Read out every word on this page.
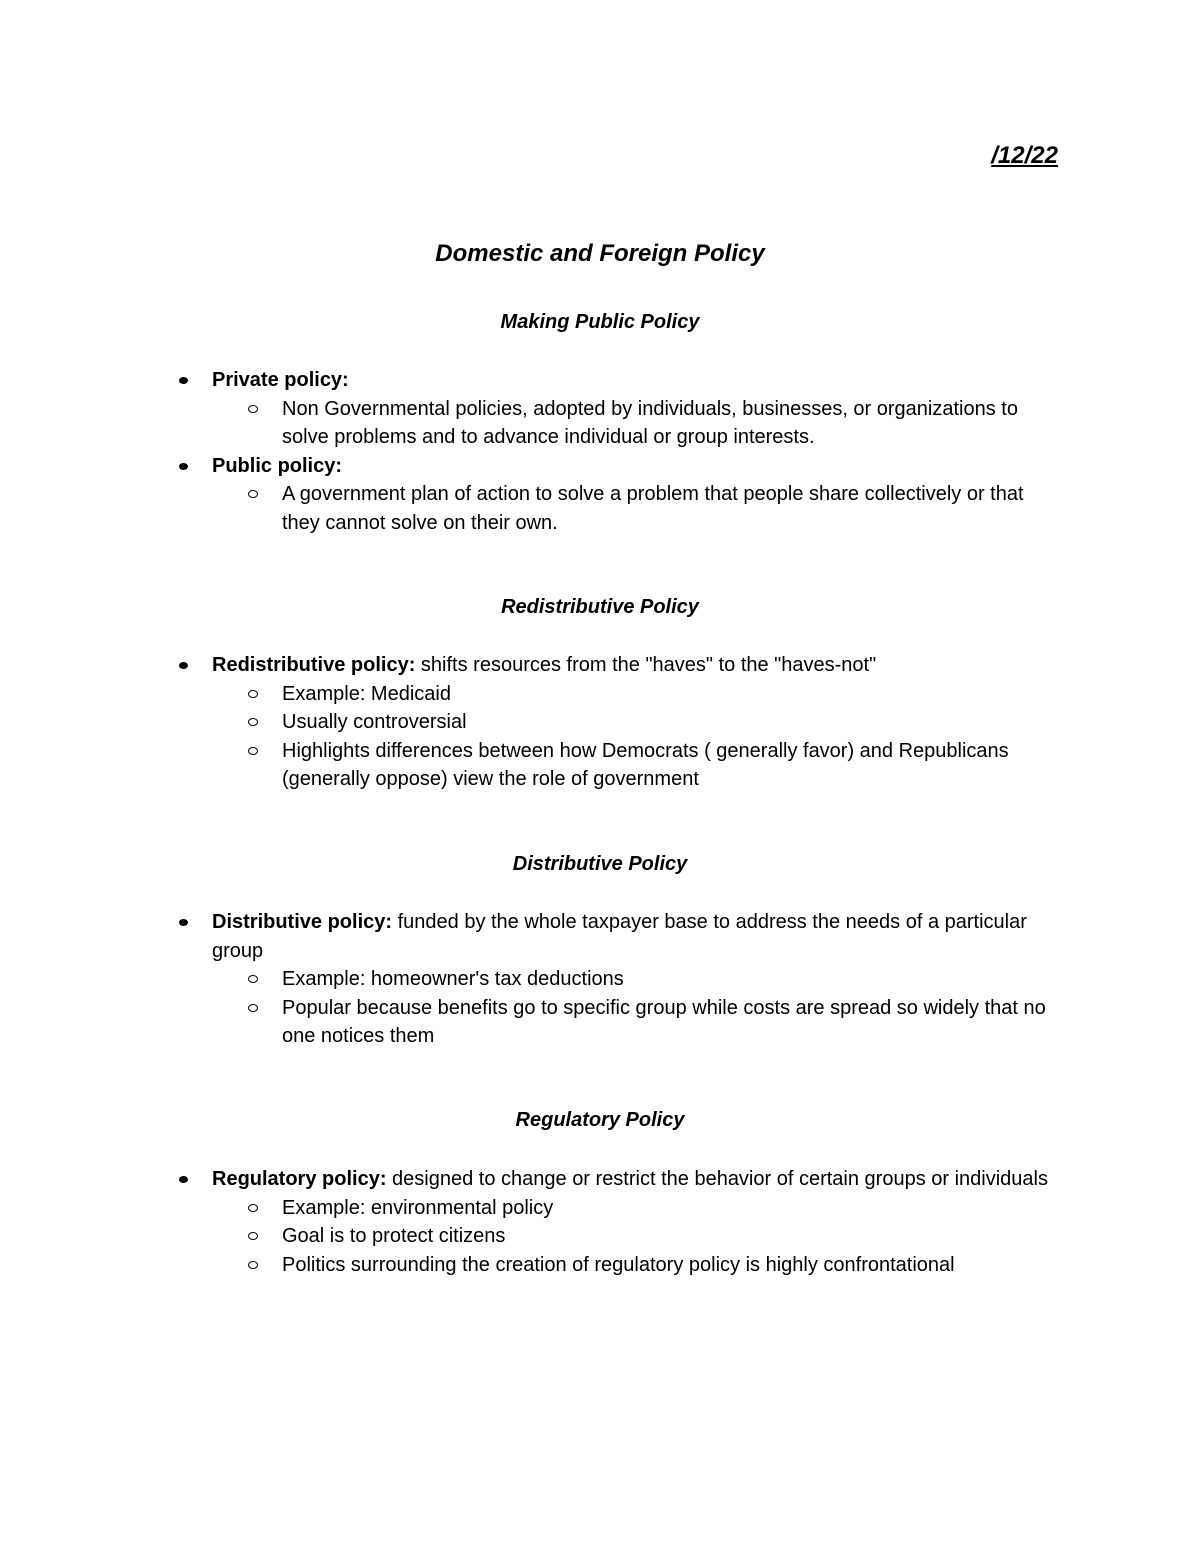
/12/22
Domestic and Foreign Policy
Making Public Policy
Private policy:
Non Governmental policies, adopted by individuals, businesses, or organizations to solve problems and to advance individual or group interests.
Public policy:
A government plan of action to solve a problem that people share collectively or that they cannot solve on their own.
Redistributive Policy
Redistributive policy: shifts resources from the "haves" to the "haves-not"
Example: Medicaid
Usually controversial
Highlights differences between how Democrats ( generally favor) and Republicans (generally oppose) view the role of government
Distributive Policy
Distributive policy: funded by the whole taxpayer base to address the needs of a particular group
Example: homeowner's tax deductions
Popular because benefits go to specific group while costs are spread so widely that no one notices them
Regulatory Policy
Regulatory policy: designed to change or restrict the behavior of certain groups or individuals
Example: environmental policy
Goal is to protect citizens
Politics surrounding the creation of regulatory policy is highly confrontational
